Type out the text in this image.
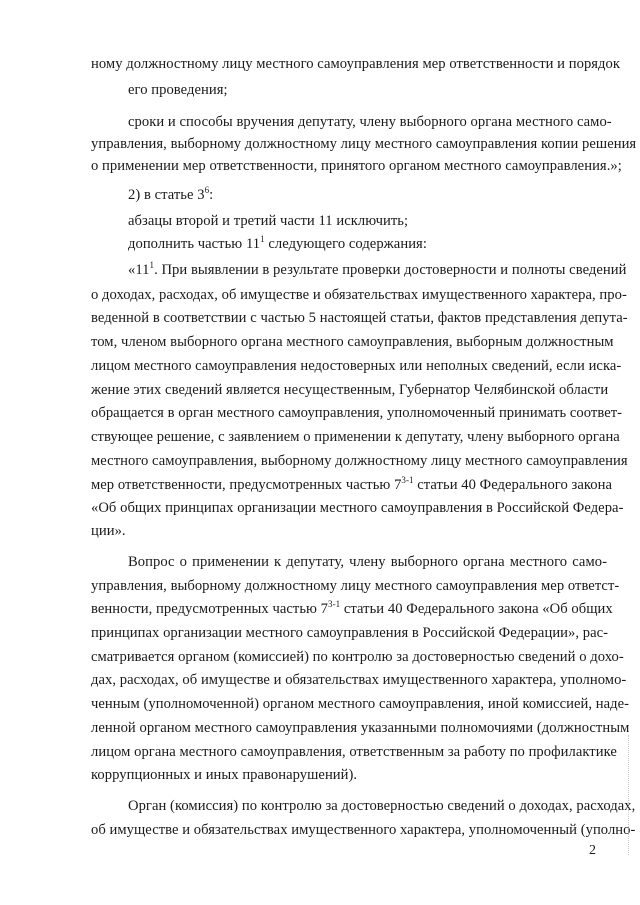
ному должностному лицу местного самоуправления мер ответственности и порядок
его проведения;
сроки и способы вручения депутату, члену выборного органа местного само-
управления, выборному должностному лицу местного самоуправления копии решения
о применении мер ответственности, принятого органом местного самоуправления.»;
2) в статье $3^6$:
абзацы второй и третий части 11 исключить;
дополнить частью $11^1$ следующего содержания:
«$11^1$. При выявлении в результате проверки достоверности и полноты сведений
о доходах, расходах, об имуществе и обязательствах имущественного характера, про-
веденной в соответствии с частью 5 настоящей статьи, фактов представления депута-
том, членом выборного органа местного самоуправления, выборным должностным
лицом местного самоуправления недостоверных или неполных сведений, если иска-
жение этих сведений является несущественным, Губернатор Челябинской области
обращается в орган местного самоуправления, уполномоченный принимать соответ-
ствующее решение, с заявлением о применении к депутату, члену выборного органа
местного самоуправления, выборному должностному лицу местного самоуправления
мер ответственности, предусмотренных частью 7$^{3-1}$ статьи 40 Федерального закона
«Об общих принципах организации местного самоуправления в Российской Федера-
ции».
Вопрос о применении к депутату, члену выборного органа местного само-
управления, выборному должностному лицу местного самоуправления мер ответст-
венности, предусмотренных частью 7$^{3-1}$ статьи 40 Федерального закона «Об общих
принципах организации местного самоуправления в Российской Федерации», рас-
сматривается органом (комиссией) по контролю за достоверностью сведений о дохо-
дах, расходах, об имуществе и обязательствах имущественного характера, уполномо-
ченным (уполномоченной) органом местного самоуправления, иной комиссией, наде-
ленной органом местного самоуправления указанными полномочиями (должностным
лицом органа местного самоуправления, ответственным за работу по профилактике
коррупционных и иных правонарушений).
Орган (комиссия) по контролю за достоверностью сведений о доходах, расходах,
об имуществе и обязательствах имущественного характера, уполномоченный (уполно-
2
